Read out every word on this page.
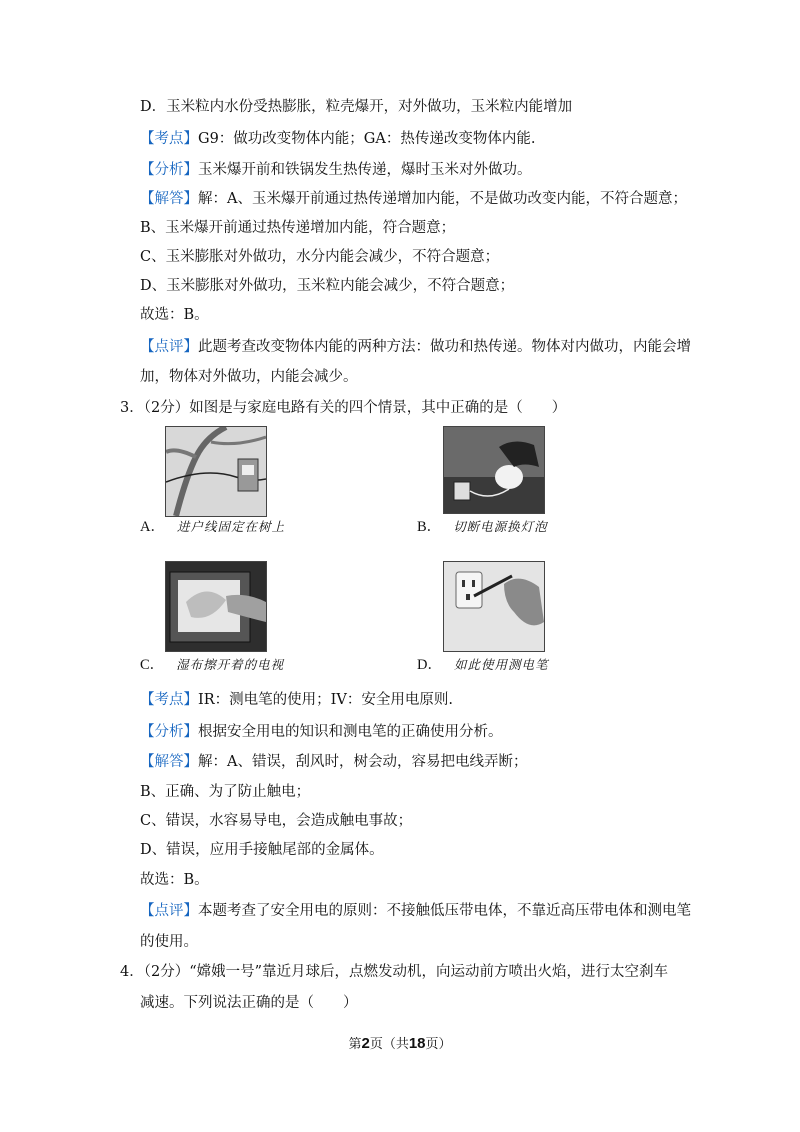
D．玉米粒内水份受热膨胀，粒壳爆开，对外做功，玉米粒内能增加
【考点】G9：做功改变物体内能；GA：热传递改变物体内能.
【分析】玉米爆开前和铁锅发生热传递，爆时玉米对外做功。
【解答】解：A、玉米爆开前通过热传递增加内能，不是做功改变内能，不符合题意；
B、玉米爆开前通过热传递增加内能，符合题意；
C、玉米膨胀对外做功，水分内能会减少，不符合题意；
D、玉米膨胀对外做功，玉米粒内能会减少，不符合题意；
故选：B。
【点评】此题考查改变物体内能的两种方法：做功和热传递。物体对内做功，内能会增
加，物体对外做功，内能会减少。
3．（2分）如图是与家庭电路有关的四个情景，其中正确的是（　　）
A． 进户线固定在树上	B． 切断电源换灯泡
C． 湿布擦开着的电视	D． 如此使用测电笔
【考点】IR：测电笔的使用；IV：安全用电原则.
【分析】根据安全用电的知识和测电笔的正确使用分析。
【解答】解：A、错误，刮风时，树会动，容易把电线弄断；
B、正确、为了防止触电；
C、错误，水容易导电，会造成触电事故；
D、错误，应用手接触尾部的金属体。
故选：B。
【点评】本题考查了安全用电的原则：不接触低压带电体，不靠近高压带电体和测电笔
的使用。
4．（2分）“嫦娥一号”靠近月球后，点燃发动机，向运动前方喷出火焰，进行太空刹车
减速。下列说法正确的是（　　）
第2页（共18页）
